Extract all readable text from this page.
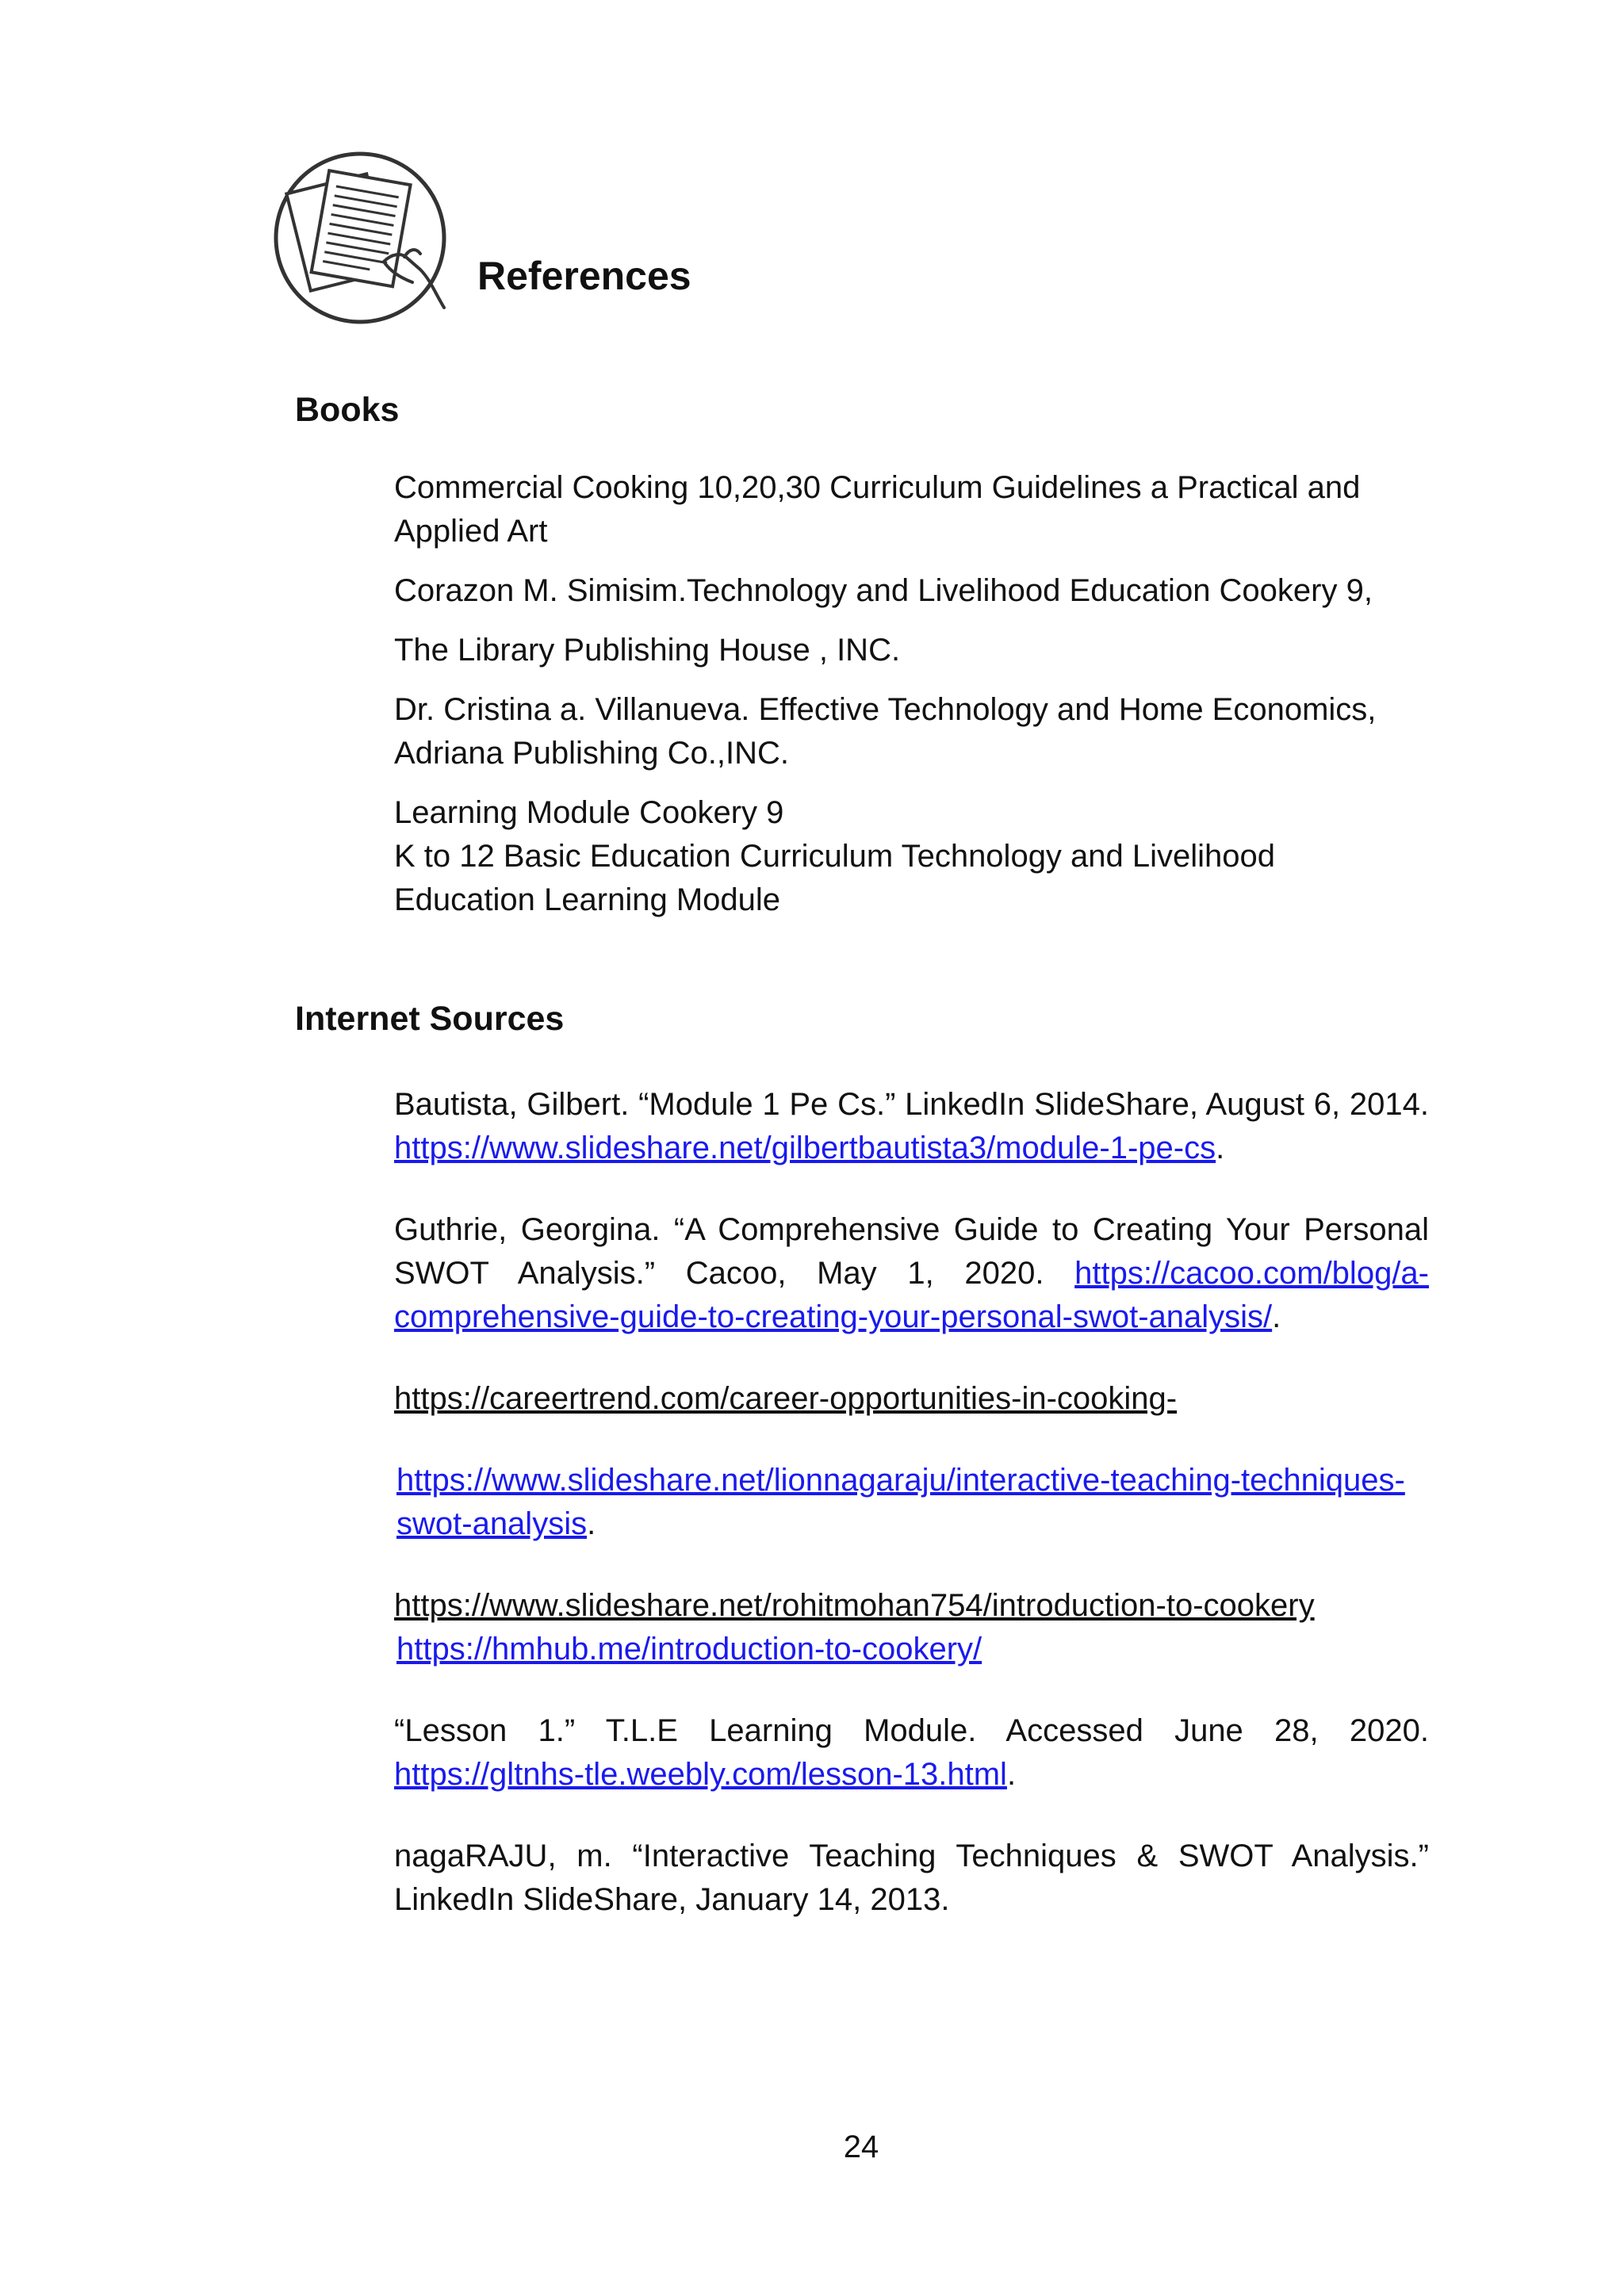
References
Books
Commercial Cooking 10,20,30 Curriculum Guidelines a Practical and
Applied Art
Corazon M. Simisim.Technology and Livelihood Education Cookery 9,
The Library Publishing House , INC.
Dr. Cristina a. Villanueva. Effective Technology and Home Economics,
Adriana Publishing Co.,INC.
Learning Module Cookery 9
K to 12 Basic Education Curriculum Technology and Livelihood
Education Learning Module
Internet Sources
Bautista, Gilbert. “Module 1 Pe Cs.” LinkedIn SlideShare, August 6, 2014. https://www.slideshare.net/gilbertbautista3/module-1-pe-cs.
Guthrie, Georgina. “A Comprehensive Guide to Creating Your Personal SWOT Analysis.” Cacoo, May 1, 2020. https://cacoo.com/blog/a-comprehensive-guide-to-creating-your-personal-swot-analysis/.
https://careertrend.com/career-opportunities-in-cooking-
https://www.slideshare.net/lionnagaraju/interactive-teaching-techniques-swot-analysis.
https://www.slideshare.net/rohitmohan754/introduction-to-cookery
https://hmhub.me/introduction-to-cookery/
“Lesson 1.” T.L.E Learning Module. Accessed June 28, 2020. https://gltnhs-tle.weebly.com/lesson-13.html.
nagaRAJU, m. “Interactive Teaching Techniques & SWOT Analysis.” LinkedIn SlideShare, January 14, 2013.
24
